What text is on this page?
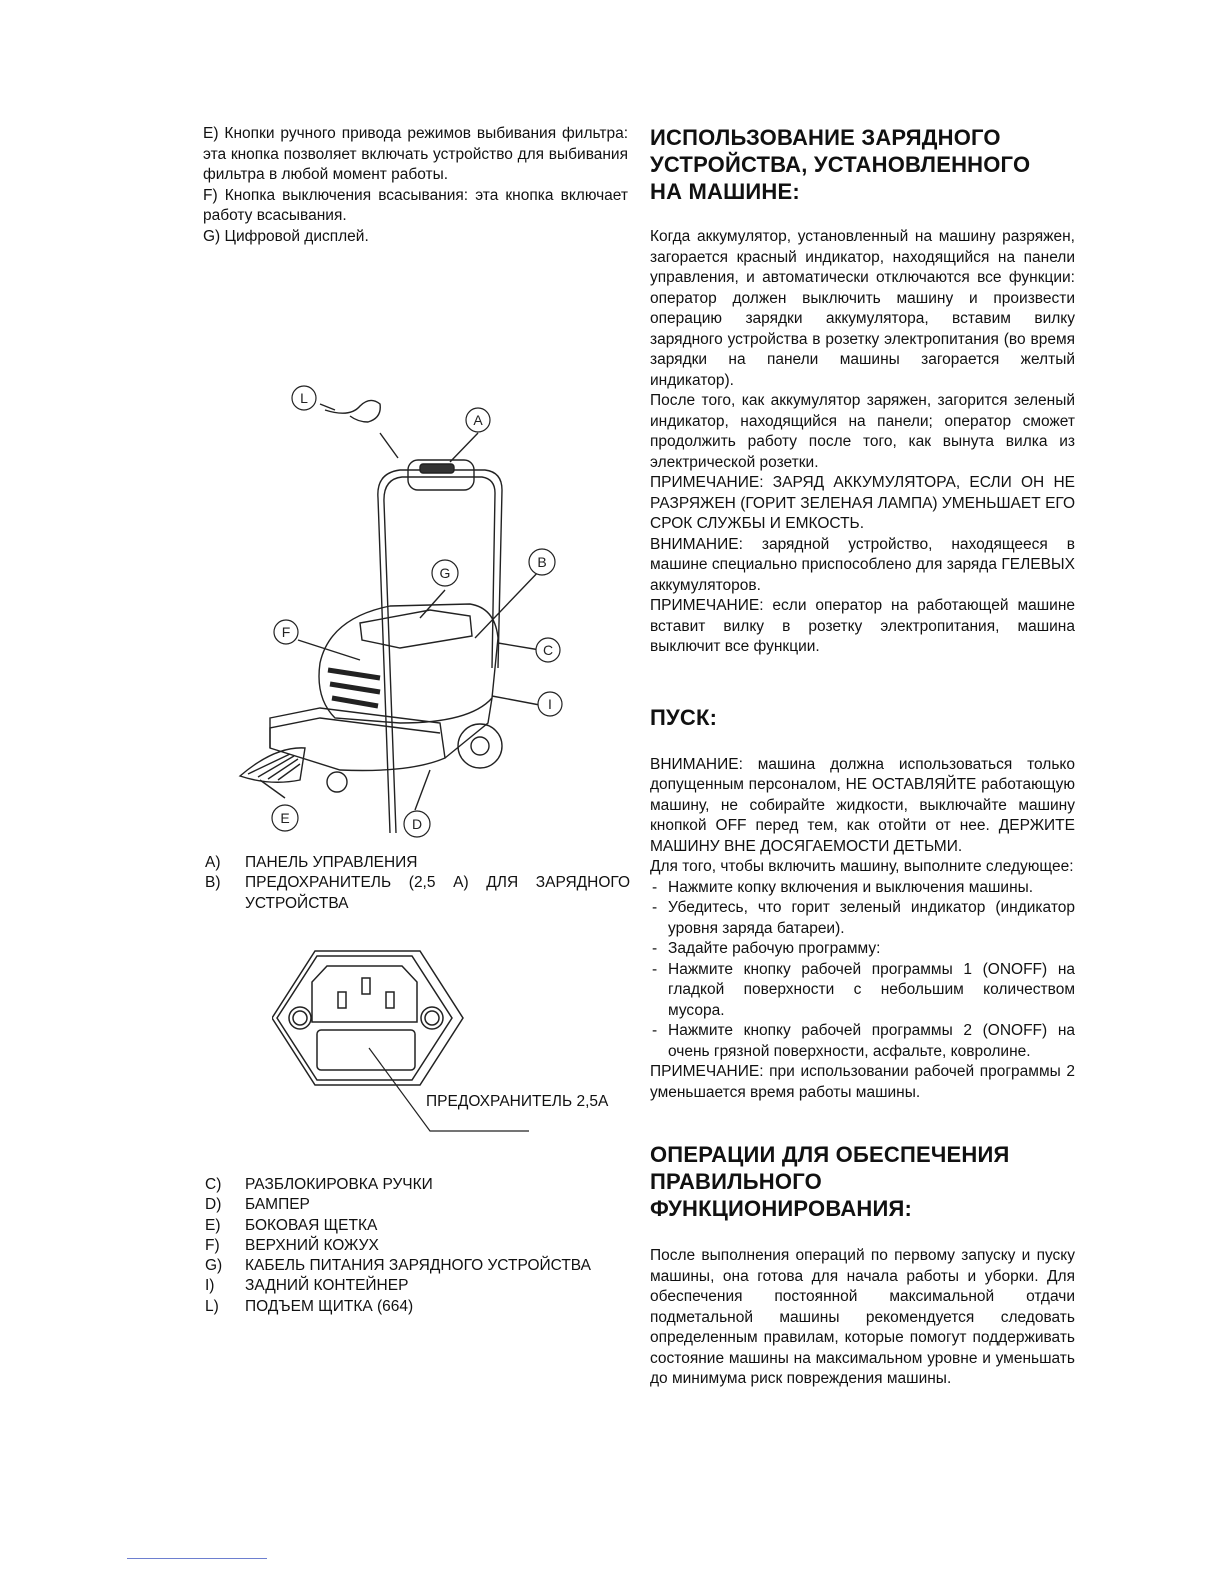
E) Кнопки ручного привода режимов выбивания фильтра: эта кнопка позволяет включать устройство для выбивания фильтра в любой момент работы.

F) Кнопка выключения всасывания: эта кнопка включает работу всасывания.

G) Цифровой дисплей.

L
A
G
B
F
C
I
E	D
A)	ПАНЕЛЬ УПРАВЛЕНИЯ
B)	ПРЕДОХРАНИТЕЛЬ (2,5 А) ДЛЯ ЗАРЯДНОГО УСТРОЙСТВА
ПРЕДОХРАНИТЕЛЬ 2,5А
C)	РАЗБЛОКИРОВКА РУЧКИ
D)	БАМПЕР
E)	БОКОВАЯ ЩЕТКА
F)	ВЕРХНИЙ КОЖУХ
G)	КАБЕЛЬ ПИТАНИЯ ЗАРЯДНОГО УСТРОЙСТВА
I)	ЗАДНИЙ КОНТЕЙНЕР
L)	ПОДЪЕМ ЩИТКА (664)
ИСПОЛЬЗОВАНИЕ ЗАРЯДНОГО
УСТРОЙСТВА, УСТАНОВЛЕННОГО
НА МАШИНЕ:

Когда аккумулятор, установленный на машину разряжен, загорается красный индикатор, находящийся на панели управления, и автоматически отключаются все функции: оператор должен выключить машину и произвести операцию зарядки аккумулятора, вставим вилку зарядного устройства в розетку электропитания (во время зарядки на панели машины загорается желтый индикатор).

После того, как аккумулятор заряжен, загорится зеленый индикатор, находящийся на панели; оператор сможет продолжить работу после того, как вынута вилка из электрической розетки.

ПРИМЕЧАНИЕ: ЗАРЯД АККУМУЛЯТОРА, ЕСЛИ ОН НЕ РАЗРЯЖЕН (ГОРИТ ЗЕЛЕНАЯ ЛАМПА) УМЕНЬШАЕТ ЕГО СРОК СЛУЖБЫ И ЕМКОСТЬ.

ВНИМАНИЕ: зарядной устройство, находящееся в машине специально приспособлено для заряда ГЕЛЕВЫХ аккумуляторов.

ПРИМЕЧАНИЕ: если оператор на работающей машине вставит вилку в розетку электропитания, машина выключит все функции.

ПУСК:

ВНИМАНИЕ: машина должна использоваться только допущенным персоналом, НЕ ОСТАВЛЯЙТЕ работающую машину, не собирайте жидкости, выключайте машину кнопкой OFF перед тем, как отойти от нее. ДЕРЖИТЕ МАШИНУ ВНЕ ДОСЯГАЕМОСТИ ДЕТЬМИ.

Для того, чтобы включить машину, выполните следующее:

- Нажмите копку включения и выключения машины.
- Убедитесь, что горит зеленый индикатор (индикатор уровня заряда батареи).
- Задайте рабочую программу:
- Нажмите кнопку рабочей программы 1 (ONOFF) на гладкой поверхности с небольшим количеством мусора.
- Нажмите кнопку рабочей программы 2 (ONOFF) на очень грязной поверхности, асфальте, ковролине.

ПРИМЕЧАНИЕ: при использовании рабочей программы 2 уменьшается время работы машины.

ОПЕРАЦИИ ДЛЯ ОБЕСПЕЧЕНИЯ
ПРАВИЛЬНОГО
ФУНКЦИОНИРОВАНИЯ:

После выполнения операций по первому запуску и пуску машины, она готова для начала работы и уборки. Для обеспечения постоянной максимальной отдачи подметальной машины рекомендуется следовать определенным правилам, которые помогут поддерживать состояние машины на максимальном уровне и уменьшать до минимума риск повреждения машины.
